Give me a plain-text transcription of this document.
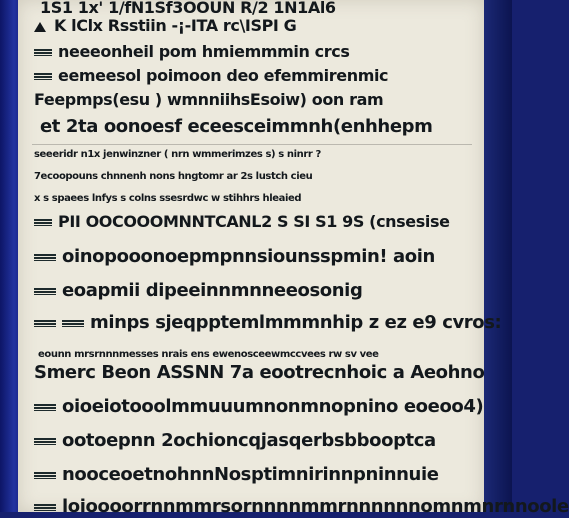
1S1 1x' 1/fN1Sf3OOUN R/2 1N1Al6
K lClx Rsstiin -¡-ITA rc\ISPI G
neeeonheil pom hmiemmmin crcs
eemeesol poimoon deo efemmirenmic
Feepmps(esu ) wmnniihsEsoiw) oon ram
et 2ta oonoesf eceesceimmnh(enhhepm
seeeridr n1x jenwinzner ( nrn wmmerimzes s) s ninrr ?
7ecoopouns chnnenh nons hngtomr ar 2s lustch cieu
x s spaees lnfys s colns ssesrdwc w stihhrs hleaied
PII OOCOOOMNNTCANL2 S SI S1 9S (cnsesise
oinopooonoepmpnnsiounsspmin! aoin
eoapmii dipeeinnmnneeosonig
minps sjeqpptemlmmmnhip z ez e9 cvros:
eounn mrsrnnnmesses nrais ens ewenosceewmccvees rw sv vee
Smerc Beon ASSNN 7a eootrecnhoic a Aeohno
oioeiotooolmmuuumnonmnopnino eoeoo4)
ootoepnn 2ochioncqjasqerbsbbooptca
nooceoetnohnnNosptimnirinnpninnuie
loioooorrnnmmrsornnnnmmrnnnnnnomnmnrnnoole
